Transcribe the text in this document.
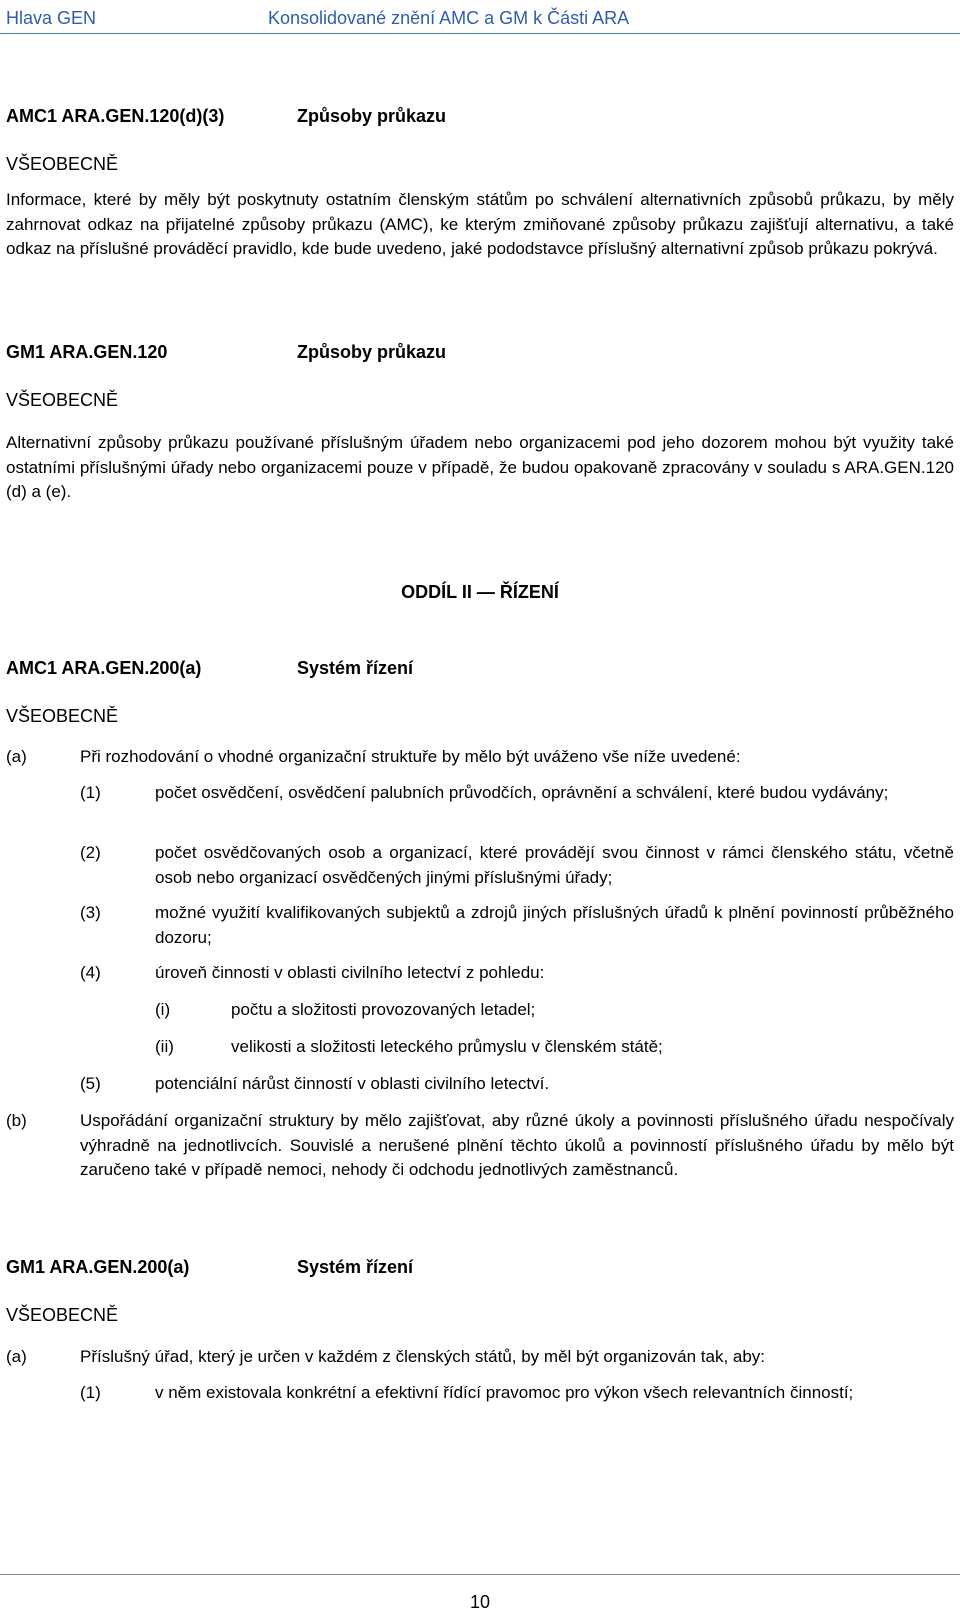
Hlava GEN	Konsolidované znění AMC a GM k Části ARA
AMC1 ARA.GEN.120(d)(3)	Způsoby průkazu
VŠEOBECNĚ
Informace, které by měly být poskytnuty ostatním členským státům po schválení alternativních způsobů průkazu, by měly zahrnovat odkaz na přijatelné způsoby průkazu (AMC), ke kterým zmiňované způsoby průkazu zajišťují alternativu, a také odkaz na příslušné prováděcí pravidlo, kde bude uvedeno, jaké pododstavce příslušný alternativní způsob průkazu pokrývá.
GM1 ARA.GEN.120	Způsoby průkazu
VŠEOBECNĚ
Alternativní způsoby průkazu používané příslušným úřadem nebo organizacemi pod jeho dozorem mohou být využity také ostatními příslušnými úřady nebo organizacemi pouze v případě, že budou opakovaně zpracovány v souladu s ARA.GEN.120 (d) a (e).
ODDÍL II — ŘÍZENÍ
AMC1 ARA.GEN.200(a)	Systém řízení
VŠEOBECNĚ
(a)	Při rozhodování o vhodné organizační struktuře by mělo být uváženo vše níže uvedené:
(1)	počet osvědčení, osvědčení palubních průvodčích, oprávnění a schválení, které budou vydávány;
(2)	počet osvědčovaných osob a organizací, které provádějí svou činnost v rámci členského státu, včetně osob nebo organizací osvědčených jinými příslušnými úřady;
(3)	možné využití kvalifikovaných subjektů a zdrojů jiných příslušných úřadů k plnění povinností průběžného dozoru;
(4)	úroveň činnosti v oblasti civilního letectví z pohledu:
(i)	počtu a složitosti provozovaných letadel;
(ii)	velikosti a složitosti leteckého průmyslu v členském státě;
(5)	potenciální nárůst činností v oblasti civilního letectví.
(b)	Uspořádání organizační struktury by mělo zajišťovat, aby různé úkoly a povinnosti příslušného úřadu nespočívaly výhradně na jednotlivcích. Souvislé a nerušené plnění těchto úkolů a povinností příslušného úřadu by mělo být zaručeno také v případě nemoci, nehody či odchodu jednotlivých zaměstnanců.
GM1 ARA.GEN.200(a)	Systém řízení
VŠEOBECNĚ
(a)	Příslušný úřad, který je určen v každém z členských států, by měl být organizován tak, aby:
(1)	v něm existovala konkrétní a efektivní řídící pravomoc pro výkon všech relevantních činností;
10
